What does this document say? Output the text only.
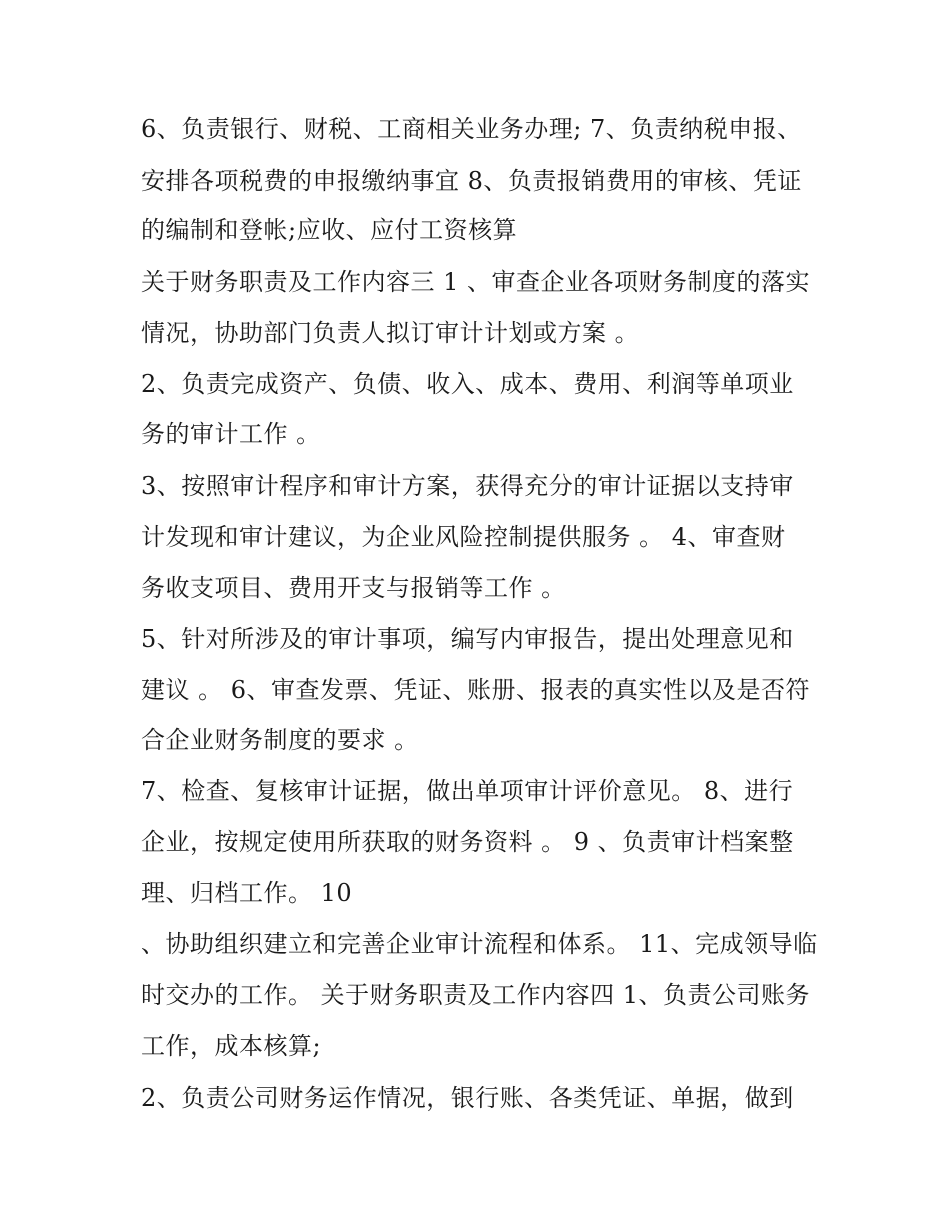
6、负责银行、财税、工商相关业务办理; 7、负责纳税申报、
安排各项税费的申报缴纳事宜 8、负责报销费用的审核、凭证
的编制和登帐;应收、应付工资核算
关于财务职责及工作内容三 1 、审查企业各项财务制度的落实
情况，协助部门负责人拟订审计计划或方案 。
2、负责完成资产、负债、收入、成本、费用、利润等单项业
务的审计工作 。
3、按照审计程序和审计方案，获得充分的审计证据以支持审
计发现和审计建议，为企业风险控制提供服务 。 4、审查财
务收支项目、费用开支与报销等工作 。
5、针对所涉及的审计事项，编写内审报告，提出处理意见和
建议 。 6、审查发票、凭证、账册、报表的真实性以及是否符
合企业财务制度的要求 。
7、检查、复核审计证据，做出单项审计评价意见。 8、进行
企业，按规定使用所获取的财务资料 。 9 、负责审计档案整
理、归档工作。 10
、协助组织建立和完善企业审计流程和体系。 11、完成领导临
时交办的工作。 关于财务职责及工作内容四 1、负责公司账务
工作，成本核算;
2、负责公司财务运作情况，银行账、各类凭证、单据，做到
